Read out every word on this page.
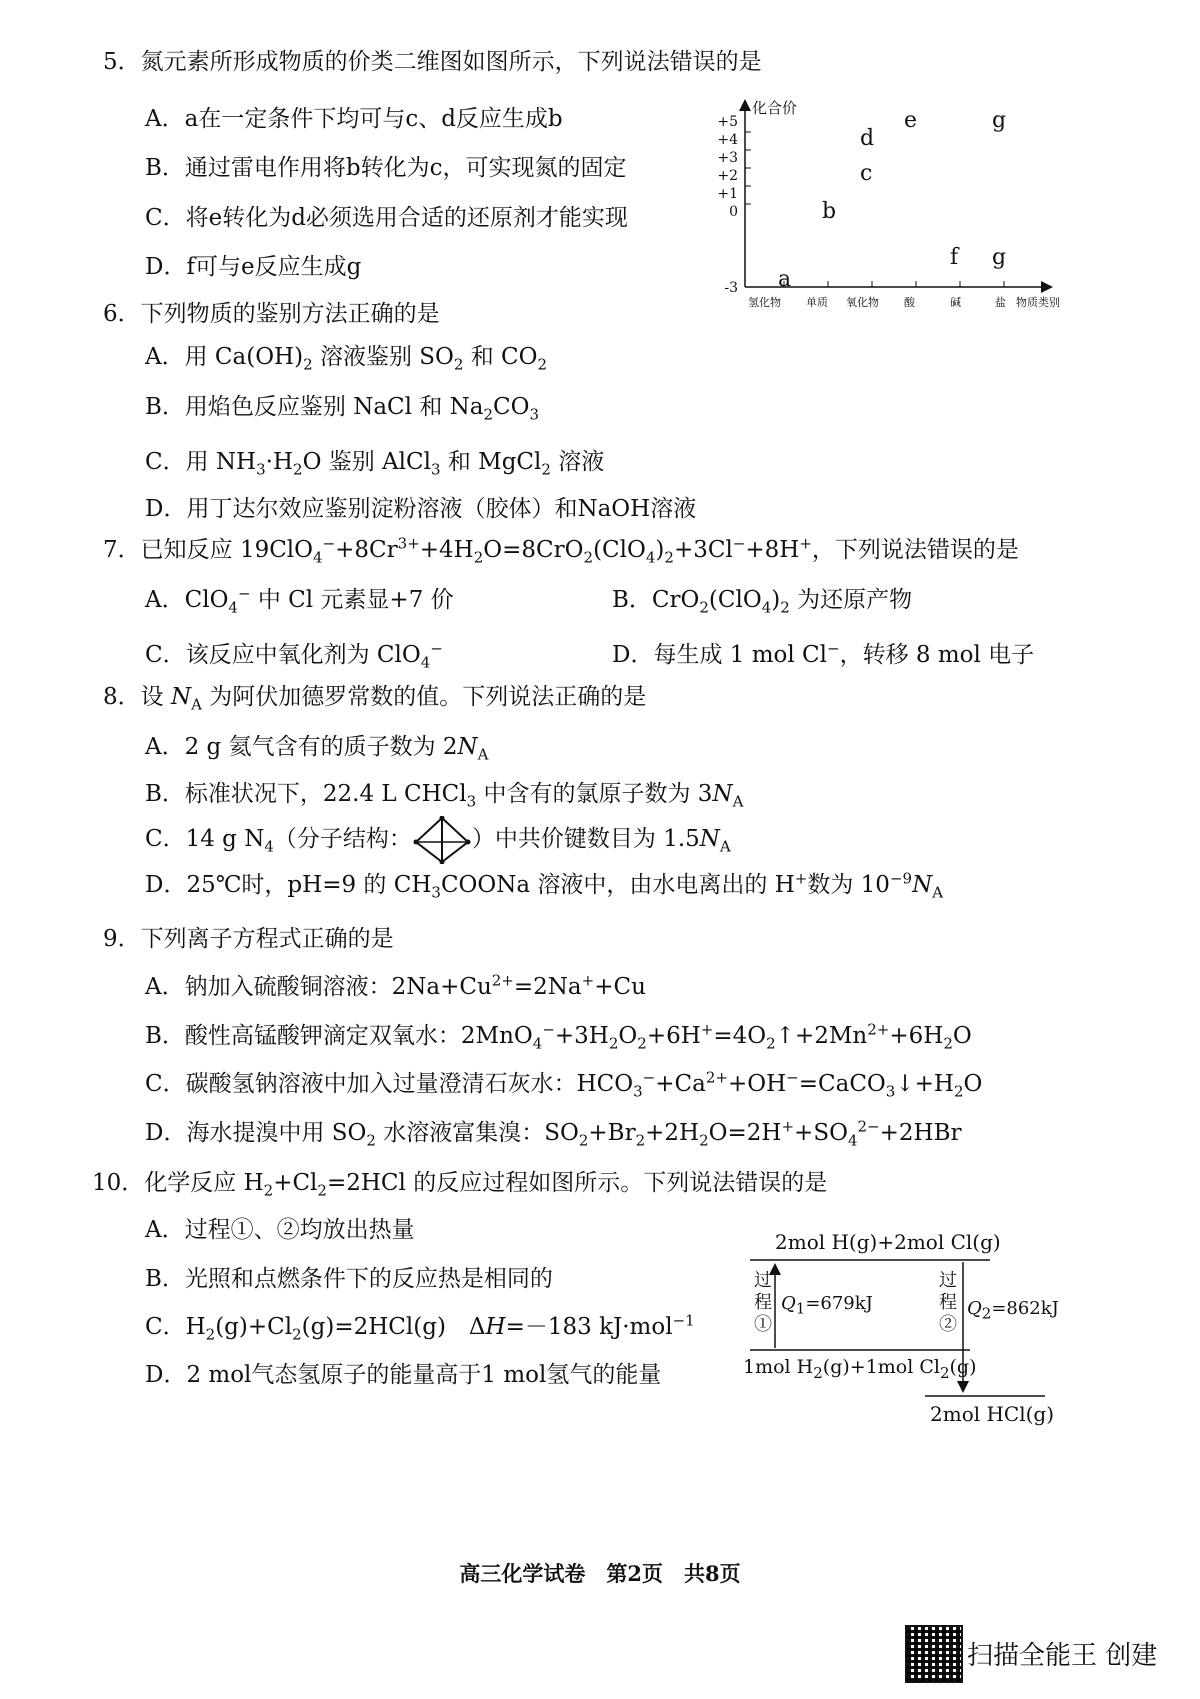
5．氮元素所形成物质的价类二维图如图所示，下列说法错误的是
A．a在一定条件下均可与c、d反应生成b
B．通过雷电作用将b转化为c，可实现氮的固定
C．将e转化为d必须选用合适的还原剂才能实现
D．f可与e反应生成g
化合价
+5
+4
+3
+2
+1
0
-3 a
b
c
d
e
f g
g
氢化物 单质 氧化物 酸	碱	盐 物质类别
6．下列物质的鉴别方法正确的是
A．用 $Ca(OH)_2$ 溶液鉴别 $SO_2$ 和 $CO_2$
B．用焰色反应鉴别 NaCl 和 $Na_2CO_3$
C．用 $NH_3\cdot H_2O$ 鉴别 AlCl$_3$ 和 MgCl$_2$ 溶液
D．用丁达尔效应鉴别淀粉溶液（胶体）和NaOH溶液
7．已知反应 $19ClO_4^-+8Cr^{3+}+4H_2O=8CrO_2(ClO_4)_2+3Cl^-+8H^+$，下列说法错误的是
A．ClO$_4$− 中 Cl 元素显+7 价	B．$CrO_2(ClO_4)_2$ 为还原产物
C．该反应中氧化剂为 ClO$_4$−	D．每生成 1 mol Cl−，转移 8 mol 电子
8．设 $N_A$ 为阿伏加德罗常数的值。下列说法正确的是
A．2 g 氦气含有的质子数为 $2N_A$
B．标准状况下，22.4 L CHCl$_3$ 中含有的氯原子数为 $3N_A$
C．14 g $N_4$（分子结构：	）中共价键数目为 $1.5N_A$
D．25℃时，pH=9 的 $CH_3COONa$ 溶液中，由水电离出的 H+数为 $10^{-9}N_A$
9．下列离子方程式正确的是
A．钠加入硫酸铜溶液：$2Na+Cu^{2+}=2Na^++Cu$
B．酸性高锰酸钾滴定双氧水：$2MnO_4^-+3H_2O_2+6H^+=4O_2↑+2Mn^{2+}+6H_2O$
C．碳酸氢钠溶液中加入过量澄清石灰水：$HCO_3^-+Ca^{2+}+OH^-=CaCO_3↓+H_2O$
D．海水提溴中用 $SO_2$ 水溶液富集溴：$SO_2+Br_2+2H_2O=2H^++SO_4^{2-}+2HBr$
10．化学反应 $H_2+Cl_2=2HCl$ 的反应过程如图所示。下列说法错误的是
A．过程①、②均放出热量
B．光照和点燃条件下的反应热是相同的
C．$H_2(g)+Cl_2(g)=2HCl(g)$　ΔH=－183 kJ·mol$^{-1}$
D．2 mol气态氢原子的能量高于1 mol氢气的能量
2mol H(g)+2mol Cl(g)
1mol $H_2(g)+1mol$ $Cl_2(g)$
2mol HCl(g)
过程①
$Q_1=679kJ$
过程②
$Q_2=862kJ$
高三化学试卷　第2页　共8页
扫描全能王 创建
